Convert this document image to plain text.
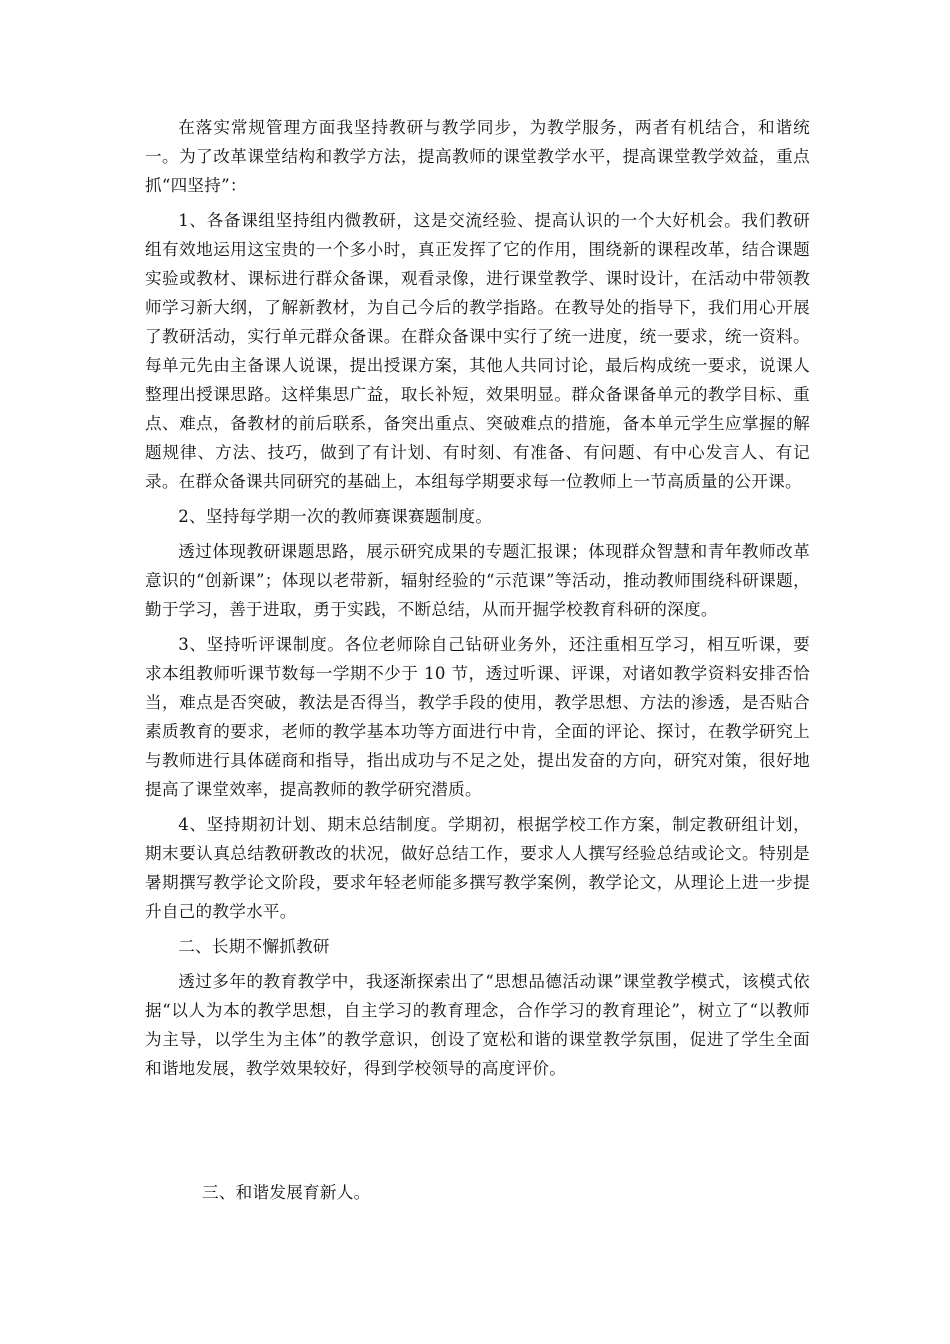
在落实常规管理方面我坚持教研与教学同步，为教学服务，两者有机结合，和谐统一。为了改革课堂结构和教学方法，提高教师的课堂教学水平，提高课堂教学效益，重点抓“四坚持”：

1、各备课组坚持组内微教研，这是交流经验、提高认识的一个大好机会。我们教研组有效地运用这宝贵的一个多小时，真正发挥了它的作用，围绕新的课程改革，结合课题实验或教材、课标进行群众备课，观看录像，进行课堂教学、课时设计，在活动中带领教师学习新大纲，了解新教材，为自己今后的教学指路。在教导处的指导下，我们用心开展了教研活动，实行单元群众备课。在群众备课中实行了统一进度，统一要求，统一资料。每单元先由主备课人说课，提出授课方案，其他人共同讨论，最后构成统一要求，说课人整理出授课思路。这样集思广益，取长补短，效果明显。群众备课备单元的教学目标、重点、难点，备教材的前后联系，备突出重点、突破难点的措施，备本单元学生应掌握的解题规律、方法、技巧，做到了有计划、有时刻、有准备、有问题、有中心发言人、有记录。在群众备课共同研究的基础上，本组每学期要求每一位教师上一节高质量的公开课。

2、坚持每学期一次的教师赛课赛题制度。

透过体现教研课题思路，展示研究成果的专题汇报课；体现群众智慧和青年教师改革意识的“创新课”；体现以老带新，辐射经验的“示范课”等活动，推动教师围绕科研课题，勤于学习，善于进取，勇于实践，不断总结，从而开掘学校教育科研的深度。

3、坚持听评课制度。各位老师除自己钻研业务外，还注重相互学习，相互听课，要求本组教师听课节数每一学期不少于 10 节，透过听课、评课，对诸如教学资料安排否恰当，难点是否突破，教法是否得当，教学手段的使用，教学思想、方法的渗透，是否贴合素质教育的要求，老师的教学基本功等方面进行中肯，全面的评论、探讨，在教学研究上与教师进行具体磋商和指导，指出成功与不足之处，提出发奋的方向，研究对策，很好地提高了课堂效率，提高教师的教学研究潜质。

4、坚持期初计划、期末总结制度。学期初，根据学校工作方案，制定教研组计划，期末要认真总结教研教改的状况，做好总结工作，要求人人撰写经验总结或论文。特别是暑期撰写教学论文阶段，要求年轻老师能多撰写教学案例，教学论文，从理论上进一步提升自己的教学水平。

二、长期不懈抓教研

透过多年的教育教学中，我逐渐探索出了“思想品德活动课”课堂教学模式，该模式依据“以人为本的教学思想，自主学习的教育理念，合作学习的教育理论”，树立了“以教师为主导，以学生为主体”的教学意识，创设了宽松和谐的课堂教学氛围，促进了学生全面和谐地发展，教学效果较好，得到学校领导的高度评价。

三、和谐发展育新人。
